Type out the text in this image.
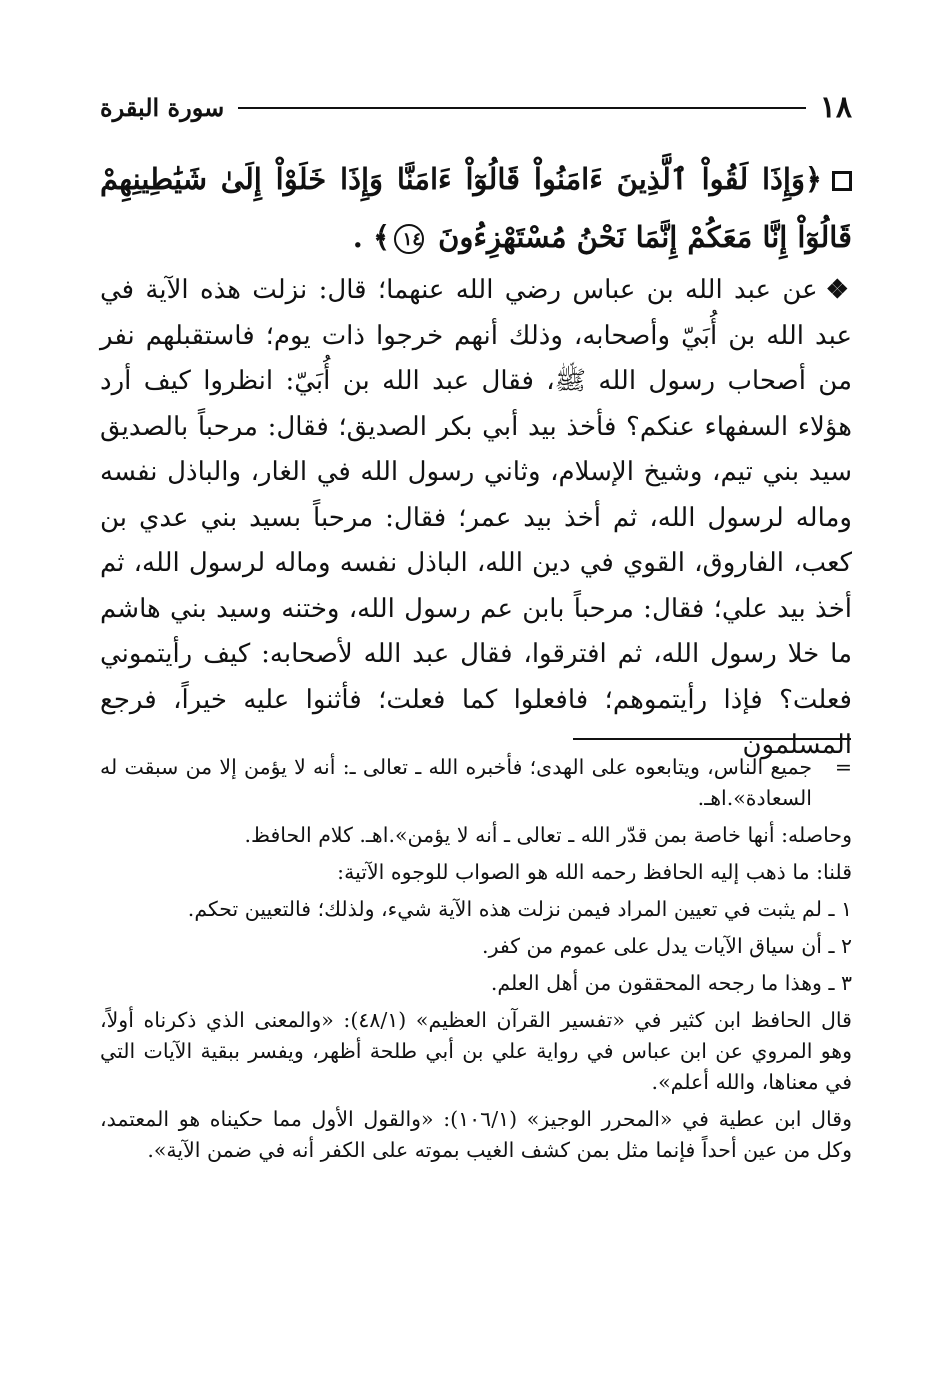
١٨
سورة البقرة

﴿وَإِذَا لَقُواْ ٱلَّذِينَ ءَامَنُواْ قَالُوٓاْ ءَامَنَّا وَإِذَا خَلَوْاْ إِلَىٰ شَيَٰطِينِهِمْ قَالُوٓاْ إِنَّا مَعَكُمْ إِنَّمَا نَحْنُ مُسْتَهْزِءُونَ ١٤﴾ .

❖عن عبد الله بن عباس رضي الله عنهما؛ قال: نزلت هذه الآية في عبد الله بن أُبَيّ وأصحابه، وذلك أنهم خرجوا ذات يوم؛ فاستقبلهم نفر من أصحاب رسول الله ﷺ، فقال عبد الله بن أُبَيّ: انظروا كيف أرد هؤلاء السفهاء عنكم؟ فأخذ بيد أبي بكر الصديق؛ فقال: مرحباً بالصديق سيد بني تيم، وشيخ الإسلام، وثاني رسول الله في الغار، والباذل نفسه وماله لرسول الله، ثم أخذ بيد عمر؛ فقال: مرحباً بسيد بني عدي بن كعب، الفاروق، القوي في دين الله، الباذل نفسه وماله لرسول الله، ثم أخذ بيد علي؛ فقال: مرحباً بابن عم رسول الله، وختنه وسيد بني هاشم ما خلا رسول الله، ثم افترقوا، فقال عبد الله لأصحابه: كيف رأيتموني فعلت؟ فإذا رأيتموهم؛ فافعلوا كما فعلت؛ فأثنوا عليه خيراً، فرجع المسلمون

=
جميع الناس، ويتابعوه على الهدى؛ فأخبره الله ـ تعالى ـ: أنه لا يؤمن إلا من سبقت له السعادة».اهـ.

وحاصله: أنها خاصة بمن قدّر الله ـ تعالى ـ أنه لا يؤمن».اهـ. كلام الحافظ.

قلنا: ما ذهب إليه الحافظ رحمه الله هو الصواب للوجوه الآتية:

١ ـ لم يثبت في تعيين المراد فيمن نزلت هذه الآية شيء، ولذلك؛ فالتعيين تحكم.

٢ ـ أن سياق الآيات يدل على عموم من كفر.

٣ ـ وهذا ما رجحه المحققون من أهل العلم.

قال الحافظ ابن كثير في «تفسير القرآن العظيم» (٤٨/١): «والمعنى الذي ذكرناه أولاً، وهو المروي عن ابن عباس في رواية علي بن أبي طلحة أظهر، ويفسر ببقية الآيات التي في معناها، والله أعلم».

وقال ابن عطية في «المحرر الوجيز» (١٠٦/١): «والقول الأول مما حكيناه هو المعتمد، وكل من عين أحداً فإنما مثل بمن كشف الغيب بموته على الكفر أنه في ضمن الآية».
